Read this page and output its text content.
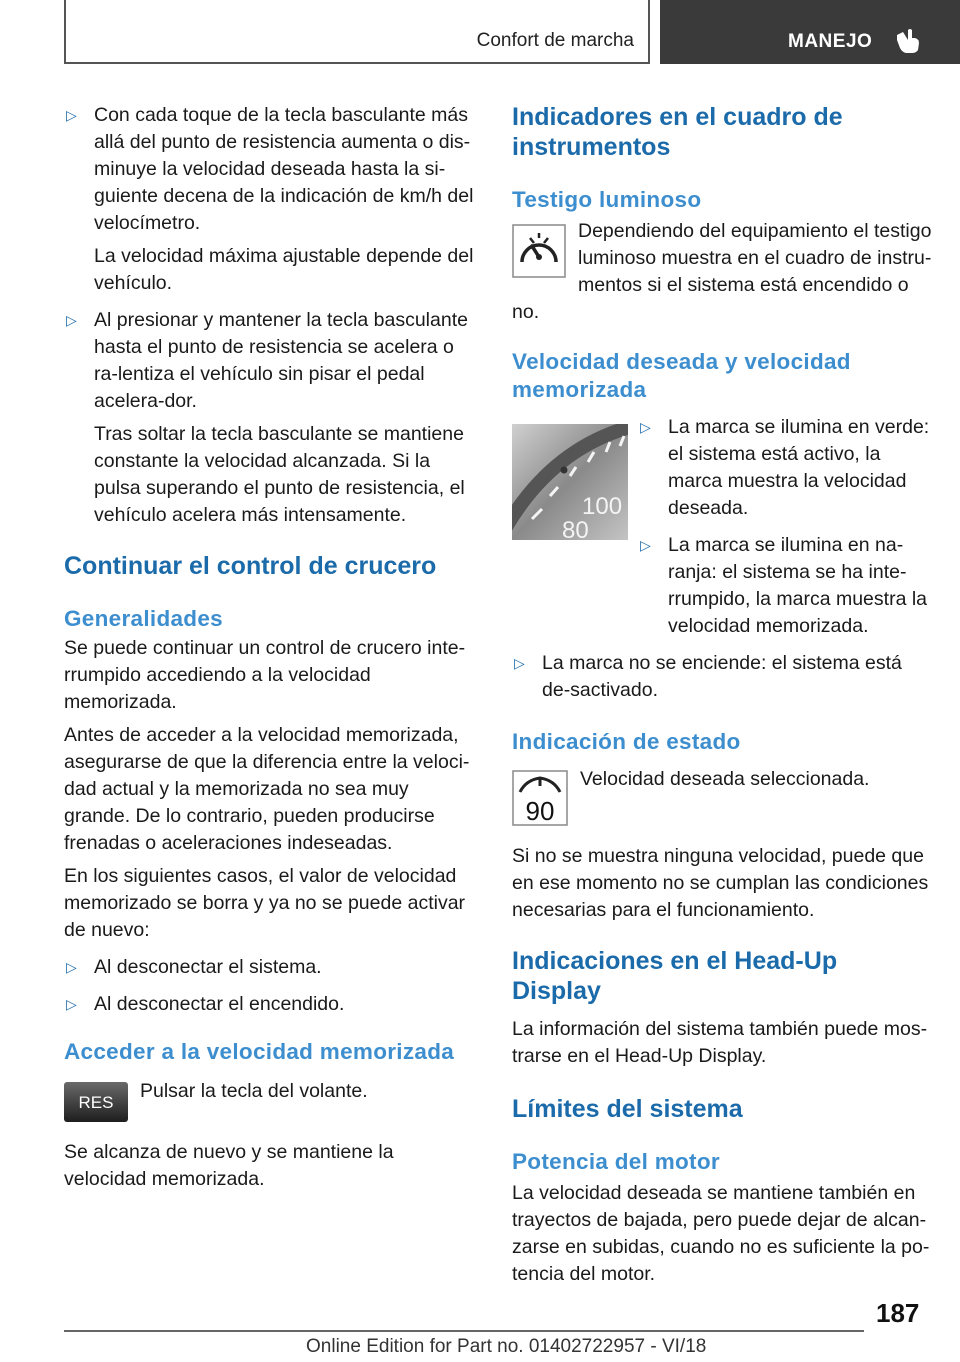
Confort de marcha	MANEJO
▷ Con cada toque de la tecla basculante más allá del punto de resistencia aumenta o dis-minuye la velocidad deseada hasta la si-guiente decena de la indicación de km/h del velocímetro.
La velocidad máxima ajustable depende del vehículo.
▷ Al presionar y mantener la tecla basculante hasta el punto de resistencia se acelera o ra-lentiza el vehículo sin pisar el pedal acelera-dor.
Tras soltar la tecla basculante se mantiene constante la velocidad alcanzada. Si la pulsa superando el punto de resistencia, el vehículo acelera más intensamente.
Continuar el control de crucero
Generalidades

Se puede continuar un control de crucero inte-rrumpido accediendo a la velocidad memorizada.

Antes de acceder a la velocidad memorizada, asegurarse de que la diferencia entre la veloci-dad actual y la memorizada no sea muy grande. De lo contrario, pueden producirse frenadas o aceleraciones indeseadas.

En los siguientes casos, el valor de velocidad memorizado se borra y ya no se puede activar de nuevo:

▷ Al desconectar el sistema.
▷ Al desconectar el encendido.
Acceder a la velocidad memorizada
RES

Pulsar la tecla del volante.

Se alcanza de nuevo y se mantiene la velocidad memorizada.

Indicadores en el cuadro de instrumentos
Testigo luminoso

Dependiendo del equipamiento el testigo luminoso muestra en el cuadro de instru-mentos si el sistema está encendido o no.

Velocidad deseada y velocidad memorizada
100
80
▷ La marca se ilumina en verde: el sistema está activo, la marca muestra la velocidad deseada.
▷ La marca se ilumina en na-ranja: el sistema se ha inte-rrumpido, la marca muestra la velocidad memorizada.
▷ La marca no se enciende: el sistema está de-sactivado.
Indicación de estado
90

Velocidad deseada seleccionada.

Si no se muestra ninguna velocidad, puede que en ese momento no se cumplan las condiciones necesarias para el funcionamiento.

Indicaciones en el Head-Up Display

La información del sistema también puede mos-trarse en el Head-Up Display.

Límites del sistema
Potencia del motor

La velocidad deseada se mantiene también en trayectos de bajada, pero puede dejar de alcan-zarse en subidas, cuando no es suficiente la po-tencia del motor.

187
Online Edition for Part no. 01402722957 - VI/18
